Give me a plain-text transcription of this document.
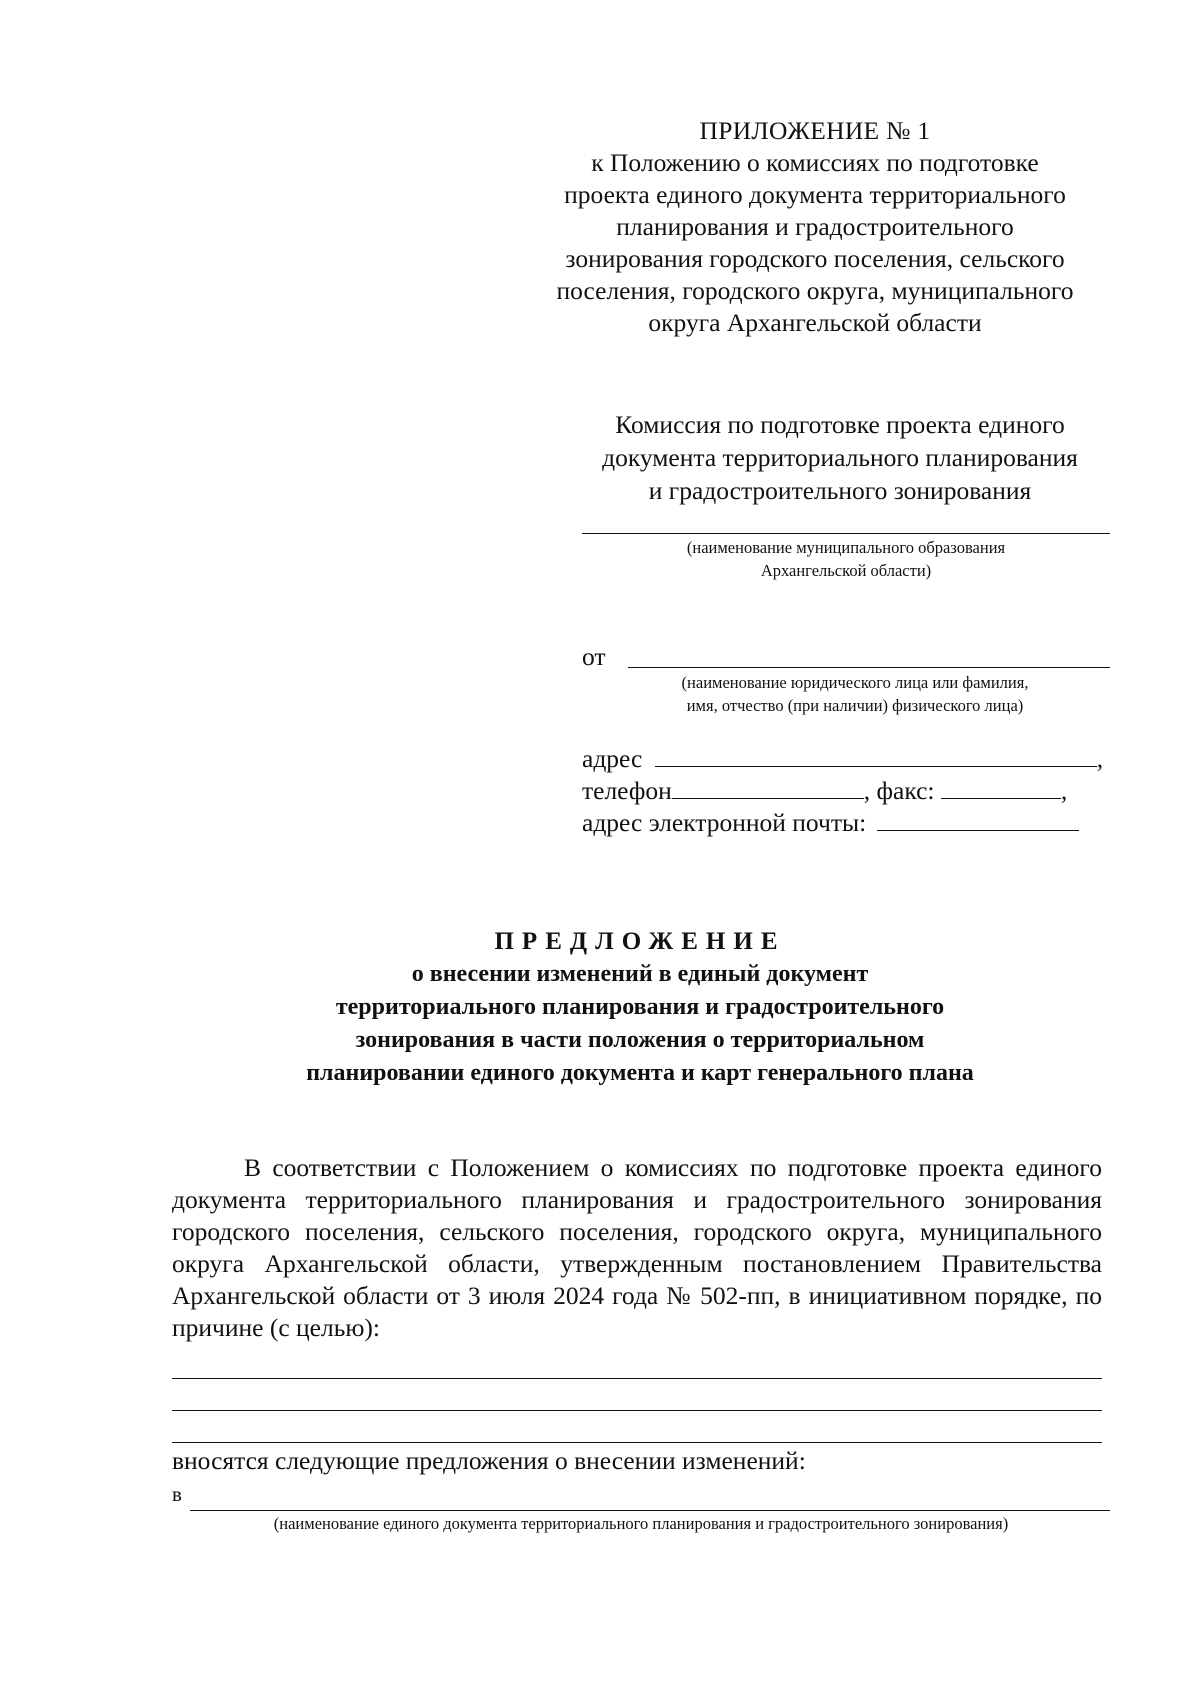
ПРИЛОЖЕНИЕ № 1
к Положению о комиссиях по подготовке
проекта единого документа территориального
планирования и градостроительного
зонирования городского поселения, сельского
поселения, городского округа, муниципального
округа Архангельской области
Комиссия по подготовке проекта единого
документа территориального планирования
и градостроительного зонирования
(наименование муниципального образования
Архангельской области)
от
(наименование юридического лица или фамилия,
имя, отчество (при наличии) физического лица)
адрес	,
телефон	, факс:	,
адрес электронной почты:
ПРЕДЛОЖЕНИЕ
о внесении изменений в единый документ
территориального планирования и градостроительного
зонирования в части положения о территориальном
планировании единого документа и карт генерального плана

В соответствии с Положением о комиссиях по подготовке проекта единого документа территориального планирования и градостроительного зонирования городского поселения, сельского поселения, городского округа, муниципального округа Архангельской области, утвержденным постановлением Правительства Архангельской области от 3 июля 2024 года № 502-пп, в инициативном порядке, по причине (с целью):

вносятся следующие предложения о внесении изменений:
в
(наименование единого документа территориального планирования и градостроительного зонирования)
